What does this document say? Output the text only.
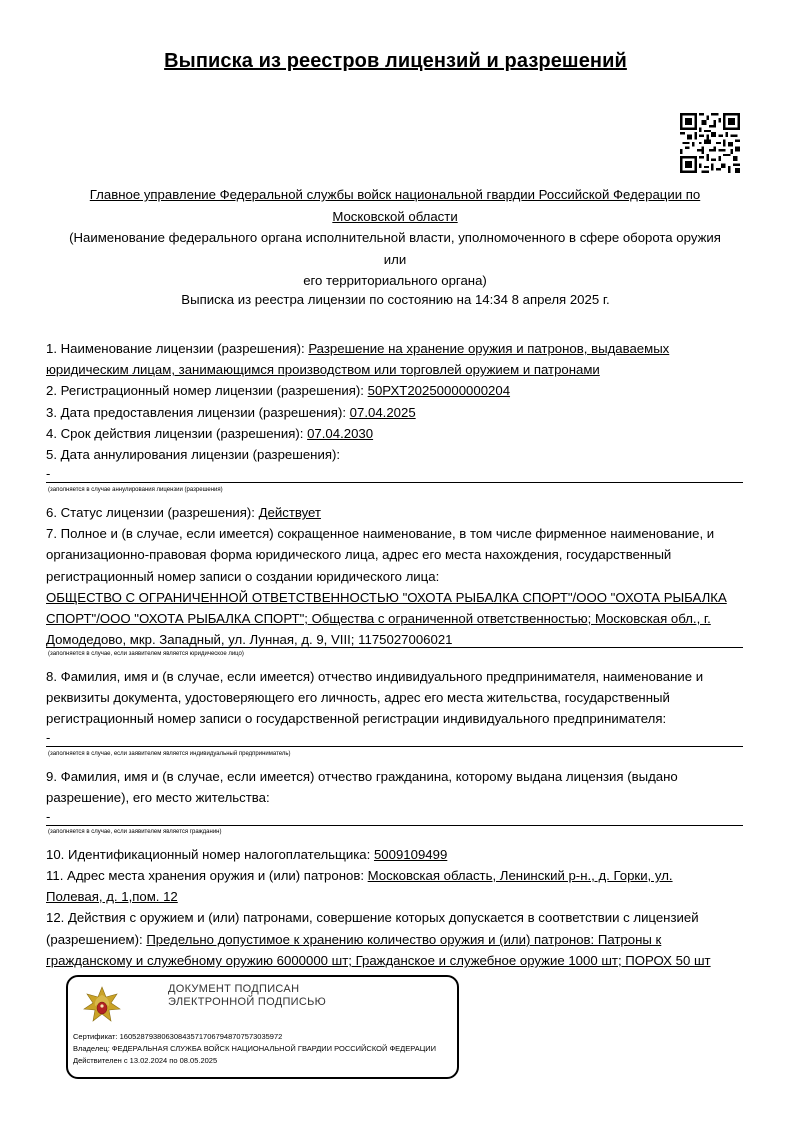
Выписка из реестров лицензий и разрешений
Главное управление Федеральной службы войск национальной гвардии Российской Федерации по
Московской области
(Наименование федерального органа исполнительной власти, уполномоченного в сфере оборота оружия или
его территориального органа)
Выписка из реестра лицензии по состоянию на 14:34 8 апреля 2025 г.
1. Наименование лицензии (разрешения): Разрешение на хранение оружия и патронов, выдаваемых
юридическим лицам, занимающимся производством или торговлей оружием и патронами
2. Регистрационный номер лицензии (разрешения): 50РХТ20250000000204
3. Дата предоставления лицензии (разрешения): 07.04.2025
4. Срок действия лицензии (разрешения): 07.04.2030
5. Дата аннулирования лицензии (разрешения):
-
(заполняется в случае аннулирования лицензии (разрешения)
6. Статус лицензии (разрешения): Действует
7. Полное и (в случае, если имеется) сокращенное наименование, в том числе фирменное наименование, и
организационно-правовая форма юридического лица, адрес его места нахождения, государственный
регистрационный номер записи о создании юридического лица:
ОБЩЕСТВО С ОГРАНИЧЕННОЙ ОТВЕТСТВЕННОСТЬЮ "ОХОТА РЫБАЛКА СПОРТ"/ООО "ОХОТА РЫБАЛКА
СПОРТ"/ООО "ОХОТА РЫБАЛКА СПОРТ"; Общества с ограниченной ответственностью; Московская обл., г.
Домодедово, мкр. Западный, ул. Лунная, д. 9, VIII; 1175027006021
(заполняется в случае, если заявителем является юридическое лицо)
8. Фамилия, имя и (в случае, если имеется) отчество индивидуального предпринимателя, наименование и
реквизиты документа, удостоверяющего его личность, адрес его места жительства, государственный
регистрационный номер записи о государственной регистрации индивидуального предпринимателя:
-
(заполняется в случае, если заявителем является индивидуальный предприниматель)
9. Фамилия, имя и (в случае, если имеется) отчество гражданина, которому выдана лицензия (выдано
разрешение), его место жительства:
-
(заполняется в случае, если заявителем является гражданин)
10. Идентификационный номер налогоплательщика: 5009109499
11. Адрес места хранения оружия и (или) патронов: Московская область, Ленинский р-н., д. Горки, ул.
Полевая, д. 1,пом. 12
12. Действия с оружием и (или) патронами, совершение которых допускается в соответствии с лицензией
(разрешением): Предельно допустимое к хранению количество оружия и (или) патронов: Патроны к
гражданскому и служебному оружию 6000000 шт; Гражданское и служебное оружие 1000 шт; ПОРОХ 50 шт
ДОКУМЕНТ ПОДПИСАН
ЭЛЕКТРОННОЙ ПОДПИСЬЮ
Сертификат: 160528793806308435717067948707573035972
Владелец: ФЕДЕРАЛЬНАЯ СЛУЖБА ВОЙСК НАЦИОНАЛЬНОЙ ГВАРДИИ РОССИЙСКОЙ ФЕДЕРАЦИИ
Действителен с 13.02.2024 по 08.05.2025
